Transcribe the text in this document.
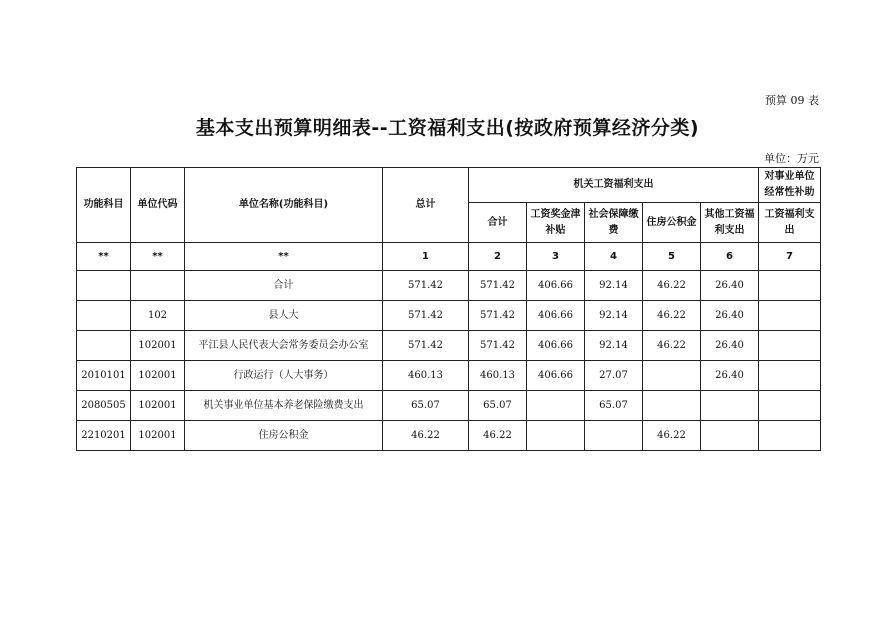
预算 09 表
基本支出预算明细表--工资福利支出(按政府预算经济分类)
单位：万元
功能科目	单位代码	单位名称(功能科目)	总计	机关工资福利支出					对事业单位经常性补助
				合计	工资奖金津补贴	社会保障缴费	住房公积金	其他工资福利支出	工资福利支出
**	**	**	1	2	3	4	5	6	7
		合计	571.42	571.42	406.66	92.14	46.22	26.40	
	102	县人大	571.42	571.42	406.66	92.14	46.22	26.40	
	102001	平江县人民代表大会常务委员会办公室	571.42	571.42	406.66	92.14	46.22	26.40	
2010101	102001	行政运行（人大事务）	460.13	460.13	406.66	27.07		26.40	
2080505	102001	机关事业单位基本养老保险缴费支出	65.07	65.07		65.07			
2210201	102001	住房公积金	46.22	46.22			46.22		
